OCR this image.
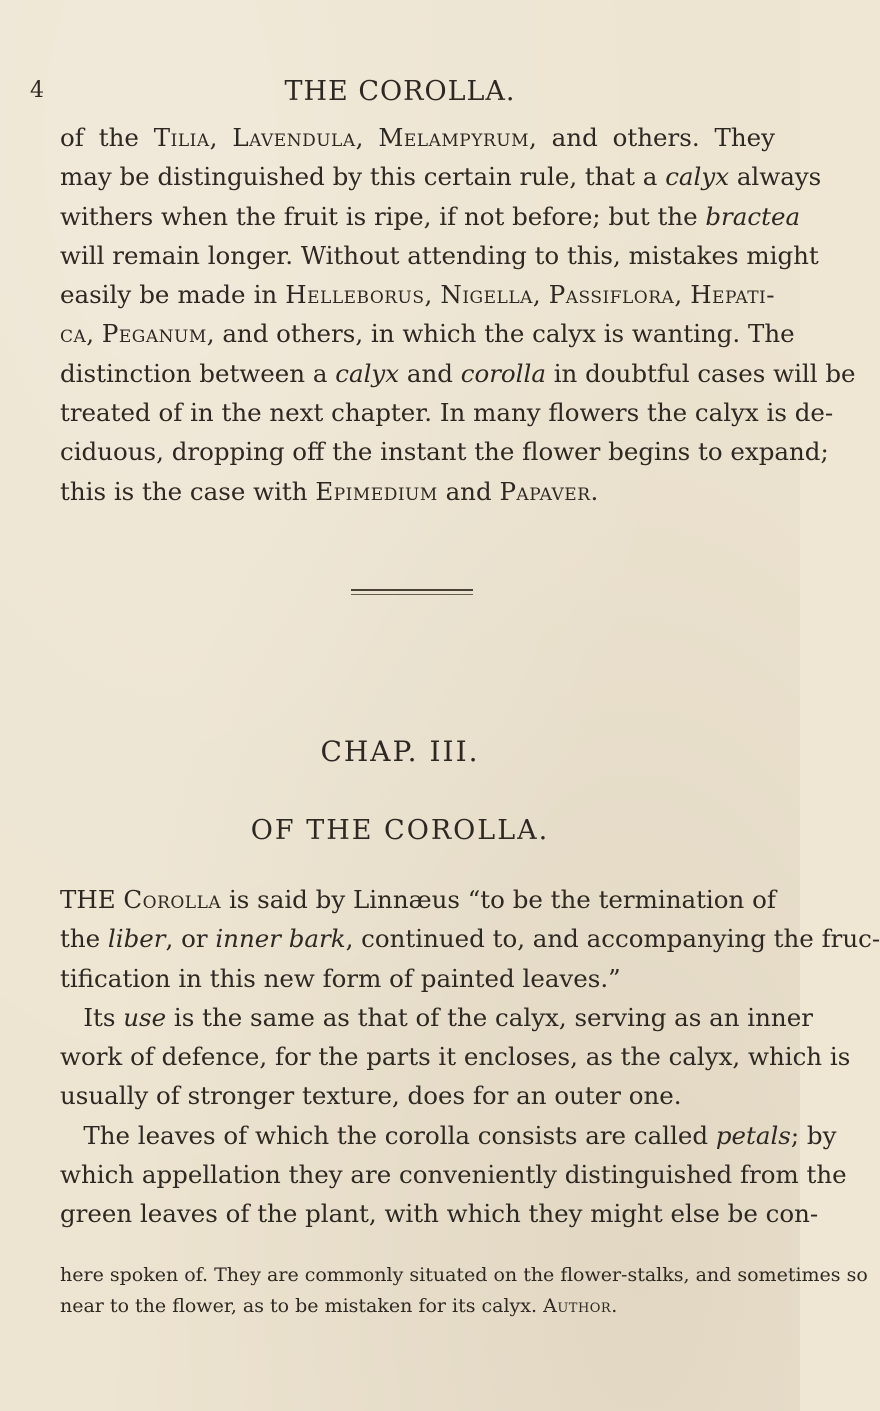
4	THE COROLLA.
of the Tilia, Lavendula, Melampyrum, and others. They
may be distinguished by this certain rule, that a calyx always
withers when the fruit is ripe, if not before; but the bractea
will remain longer. Without attending to this, mistakes might
easily be made in Helleborus, Nigella, Passiflora, Hepati-
ca, Peganum, and others, in which the calyx is wanting. The
distinction between a calyx and corolla in doubtful cases will be
treated of in the next chapter. In many flowers the calyx is de-
ciduous, dropping off the instant the flower begins to expand;
this is the case with Epimedium and Papaver.
CHAP. III.
OF THE COROLLA.
THE Corolla is said by Linnæus “to be the termination of
the liber, or inner bark, continued to, and accompanying the fruc-
tification in this new form of painted leaves.”
Its use is the same as that of the calyx, serving as an inner
work of defence, for the parts it encloses, as the calyx, which is
usually of stronger texture, does for an outer one.
The leaves of which the corolla consists are called petals; by
which appellation they are conveniently distinguished from the
green leaves of the plant, with which they might else be con-
here spoken of. They are commonly situated on the flower-stalks, and sometimes so
near to the flower, as to be mistaken for its calyx. Author.
